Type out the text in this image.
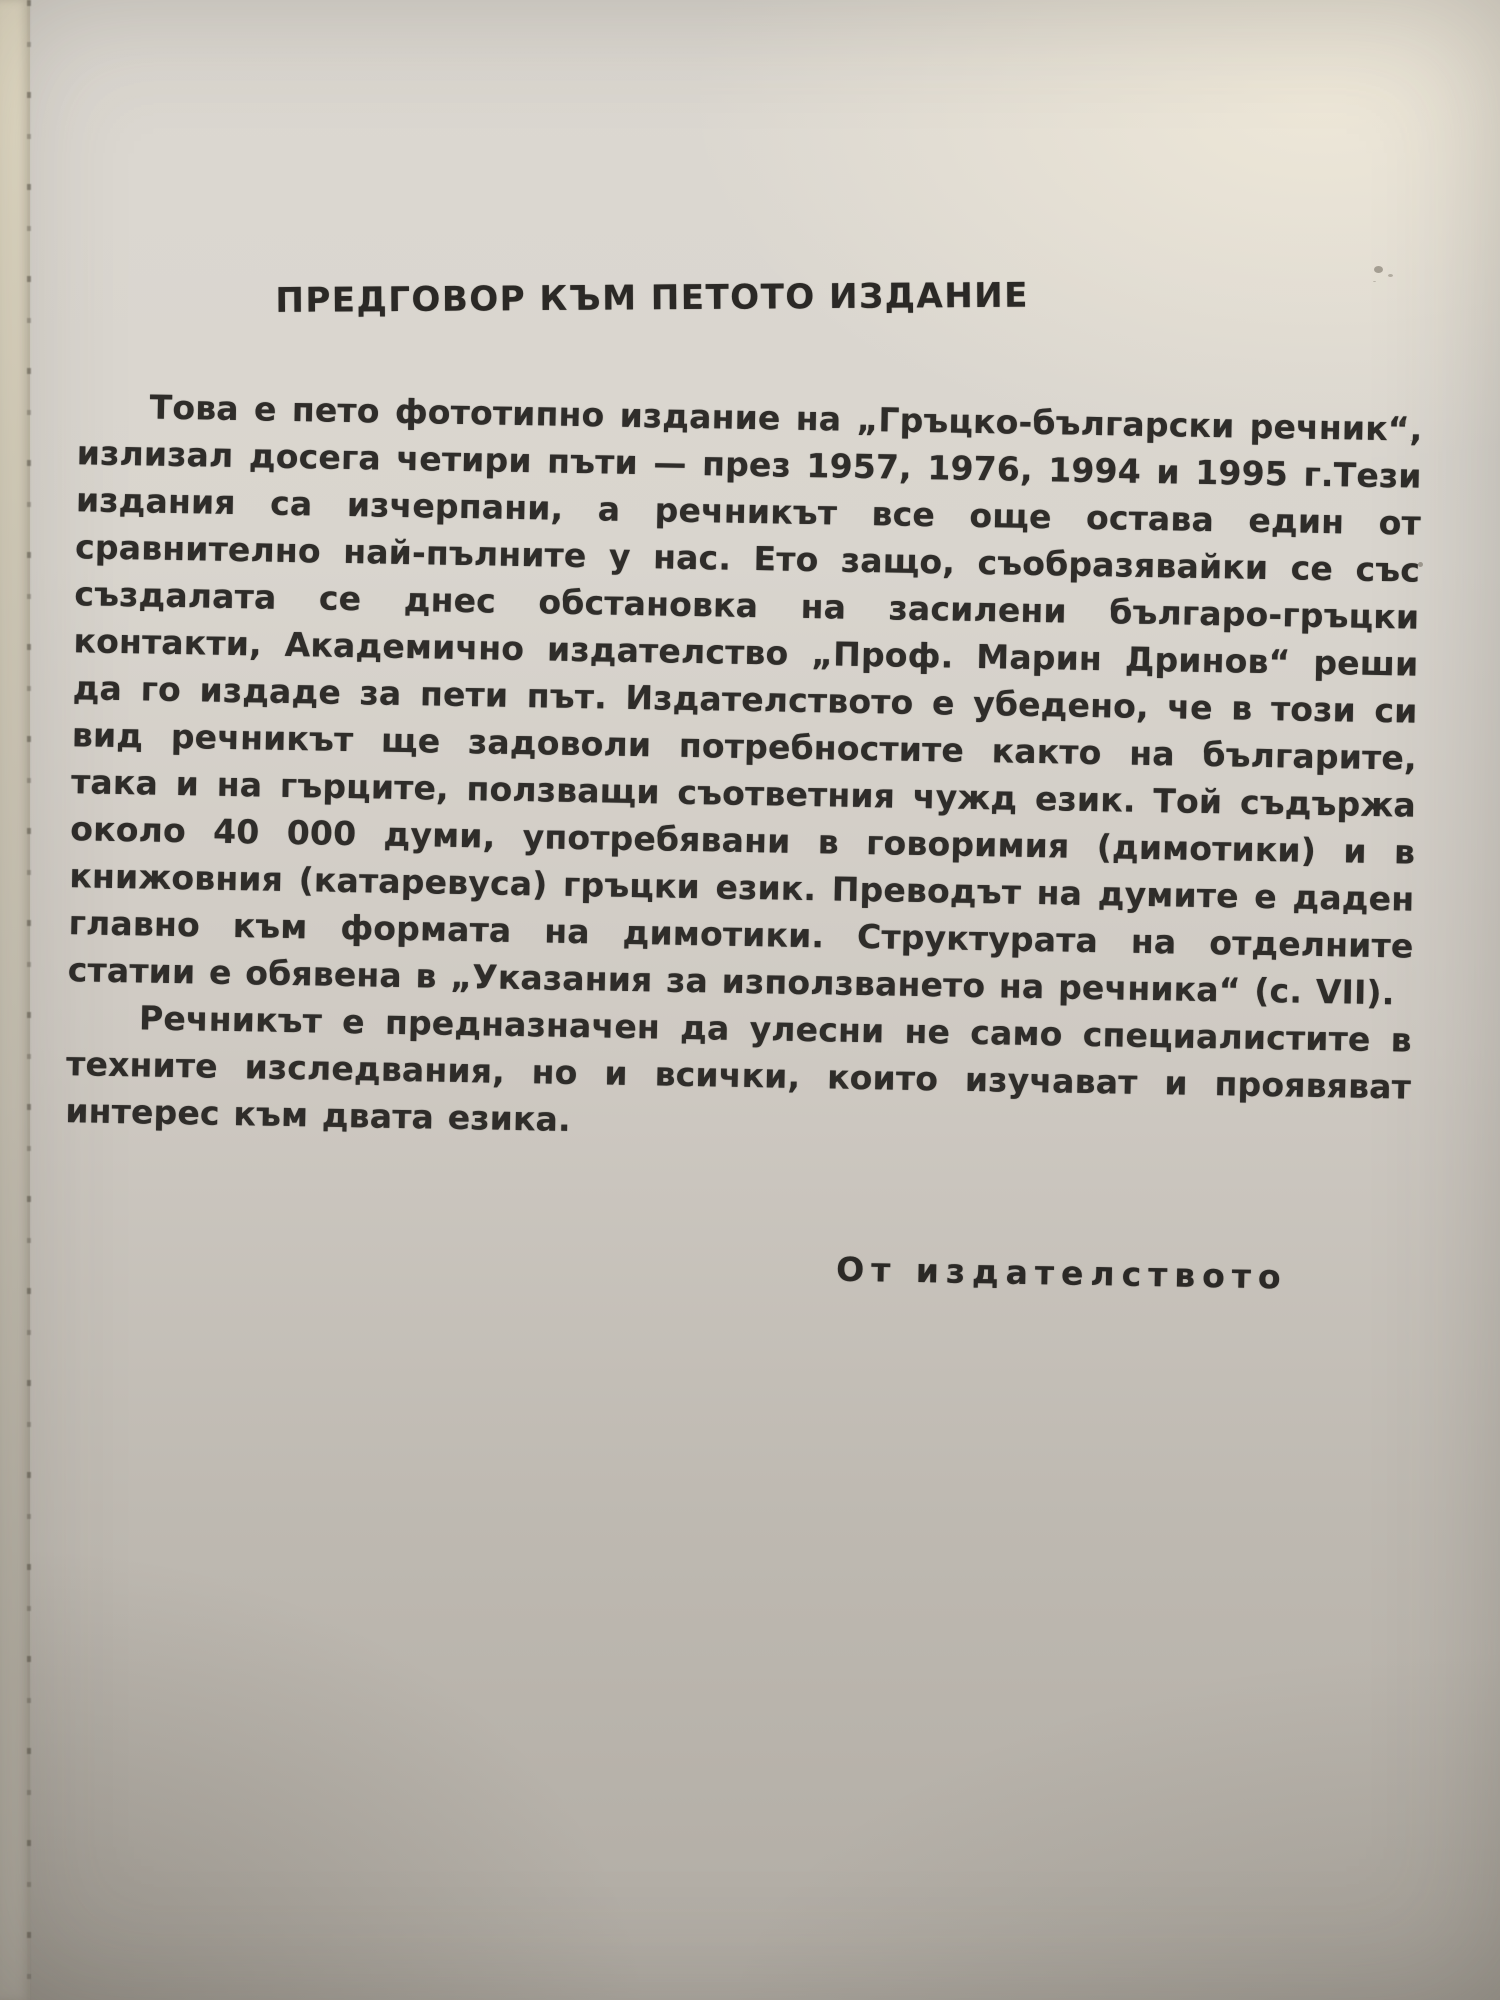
ПРЕДГОВОР КЪМ ПЕТОТО ИЗДАНИЕ

Това е пето фототипно издание на „Гръцко-български речник“, излизал досега четири пъти — през 1957, 1976, 1994 и 1995 г.Тези издания са изчерпани, а речникът все още остава един от сравнително най-пълните у нас. Ето защо, съобразявайки се със създалата се днес обстановка на засилени българо-гръцки контакти, Академично издателство „Проф. Марин Дринов“ реши да го издаде за пети път. Издателството е убедено, че в този си вид речникът ще задоволи потребностите както на българите, така и на гърците, ползващи съответния чужд език. Той съдържа около 40 000 думи, употребявани в говоримия (димотики) и в книжовния (катаревуса) гръцки език. Преводът на думите е даден главно към формата на димотики. Структурата на отделните статии е обявена в „Указания за използването на речника“ (с. VII).

Речникът е предназначен да улесни не само специалистите в техните изследвания, но и всички, които изучават и проявяват интерес към двата езика.

От издателството
